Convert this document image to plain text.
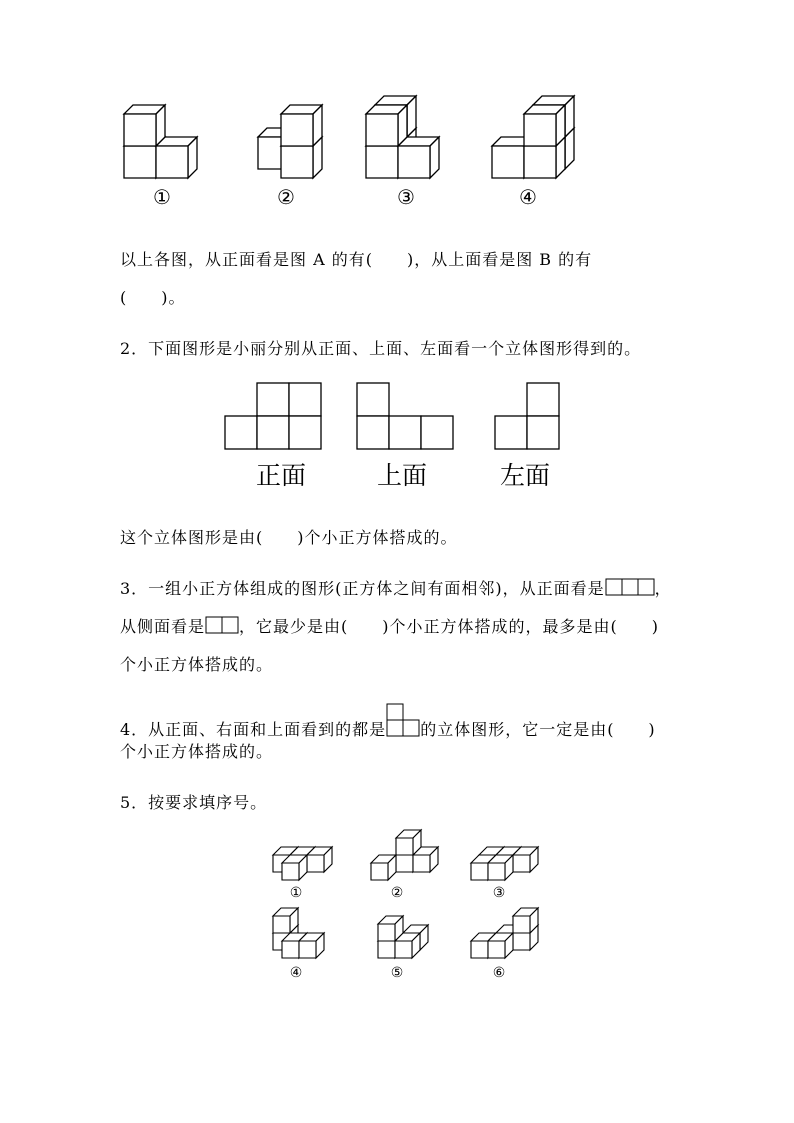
①	②	③	④
以上各图，从正面看是图 A 的有(　　)，从上面看是图 B 的有
(　　)。
2．下面图形是小丽分别从正面、上面、左面看一个立体图形得到的。
正面	上面	左面
这个立体图形是由(　　)个小正方体搭成的。
3．一组小正方体组成的图形(正方体之间有面相邻)，从正面看是	，
从侧面看是 ，它最少是由(　　)个小正方体搭成的，最多是由(　　)
个小正方体搭成的。
4．从正面、右面和上面看到的都是 的立体图形，它一定是由(　　)
个小正方体搭成的。
5．按要求填序号。
①	②	③
④	⑤	⑥
